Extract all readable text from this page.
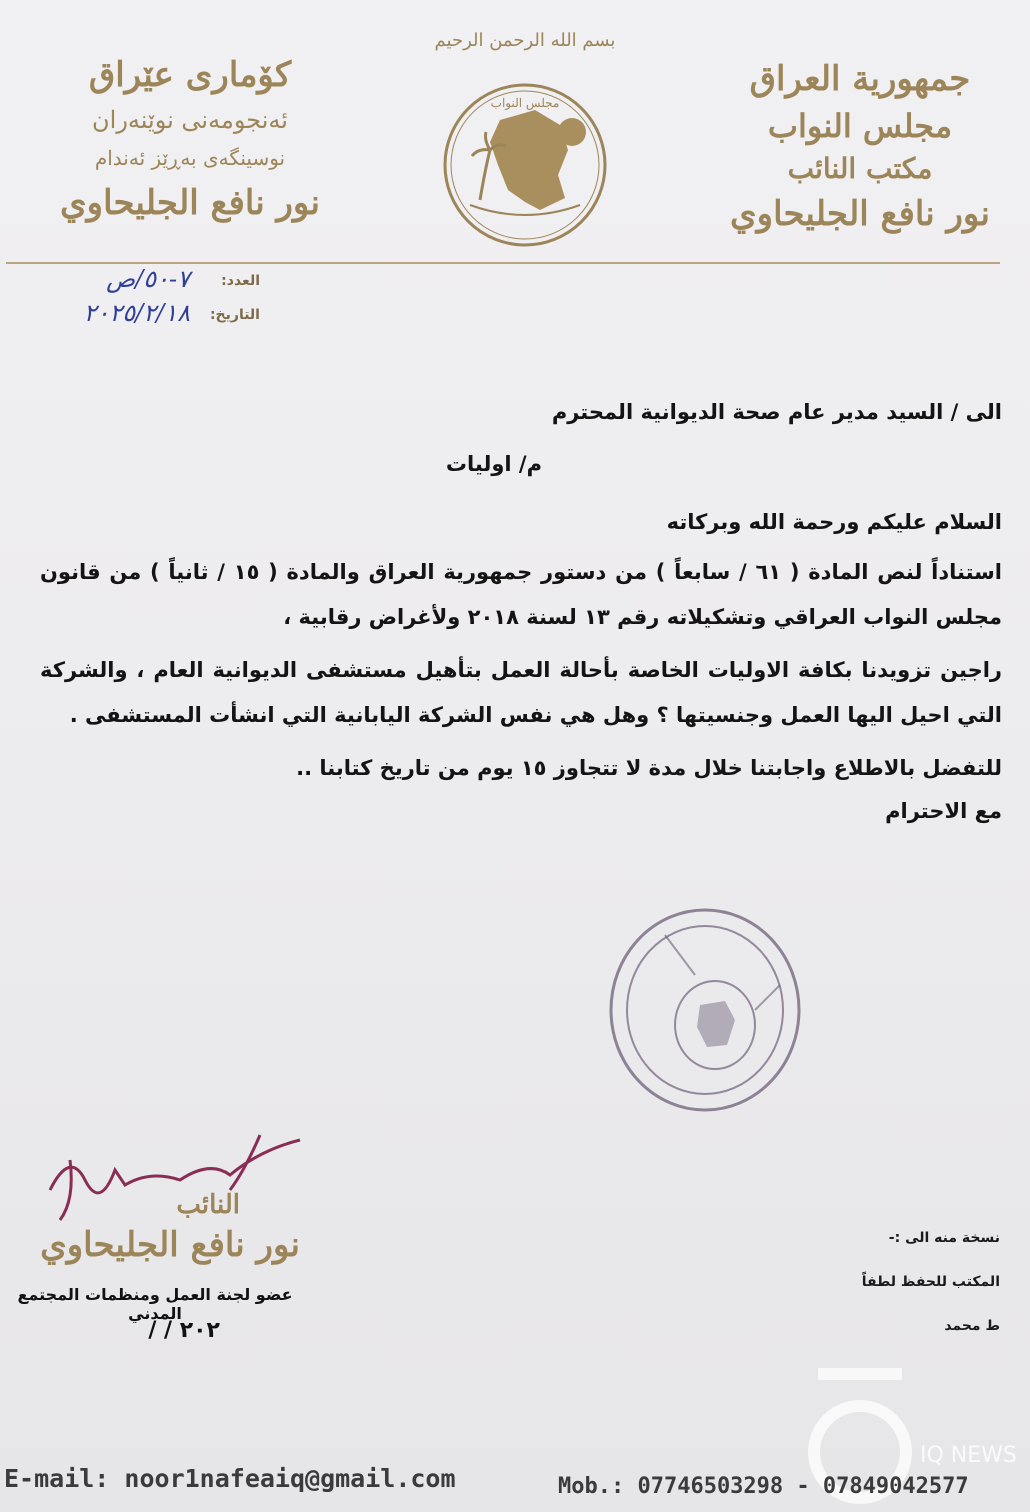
بسم الله الرحمن الرحيم
جمهورية العراق
مجلس النواب
مكتب النائب
نور نافع الجليحاوي
كۆماری عێراق
ئەنجومەنی نوێنەران
نوسینگەی بەڕێز ئەندام
نور نافع الجليحاوي
مجلس النواب
العدد:
٧-٥٠/ص
التاريخ:
٢٠٢٥/٢/١٨
الى / السيد مدير عام صحة الديوانية المحترم
م/ اوليات
السلام عليكم ورحمة الله وبركاته
استناداً لنص المادة ( ٦١ / سابعاً ) من دستور جمهورية العراق والمادة ( ١٥ / ثانياً ) من قانون مجلس النواب العراقي وتشكيلاته رقم ١٣ لسنة ٢٠١٨ ولأغراض رقابية ،
راجين تزويدنا بكافة الاوليات الخاصة بأحالة العمل بتأهيل مستشفى الديوانية العام ، والشركة التي احيل اليها العمل وجنسيتها ؟ وهل هي نفس الشركة اليابانية التي انشأت المستشفى .
للتفضل بالاطلاع واجابتنا خلال مدة لا تتجاوز ١٥ يوم من تاريخ كتابنا ..
مع الاحترام
النائب
نور نافع الجليحاوي
عضو لجنة العمل ومنظمات المجتمع المدني
٢٠٢ / /
نسخة منه الى :-
المكتب للحفظ لطفاً
ط محمد
IQ NEWS
E-mail: noor1nafeaiq@gmail.com	Mob.: 07746503298 - 07849042577
